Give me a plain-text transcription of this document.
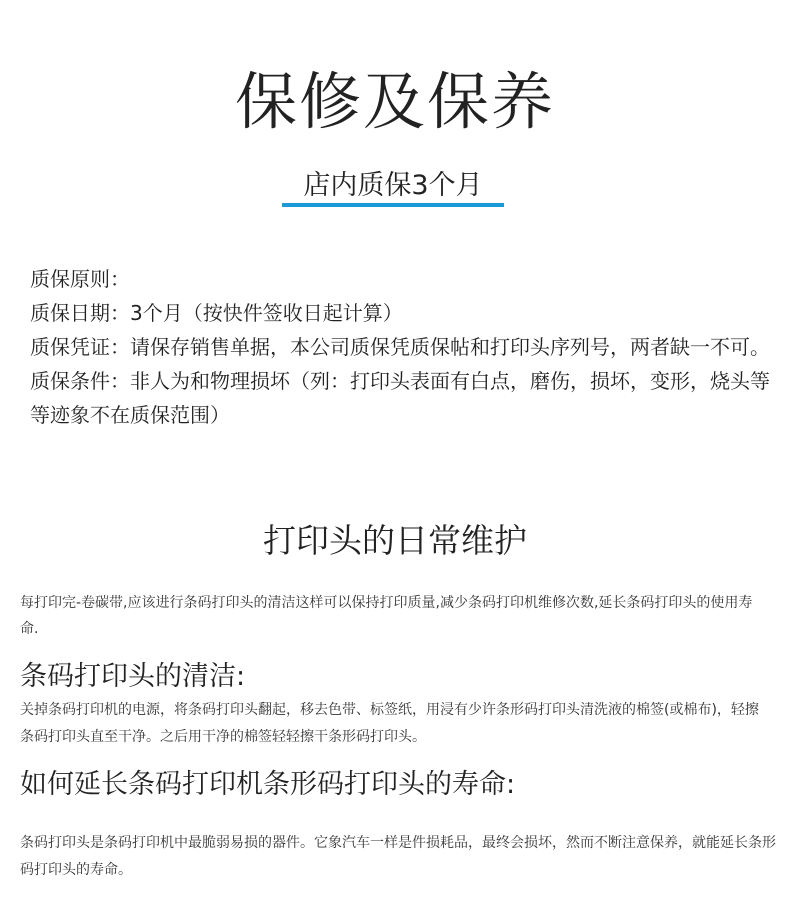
保修及保养
店内质保3个月

质保原则：

质保日期：3个月（按快件签收日起计算）

质保凭证：请保存销售单据，本公司质保凭质保帖和打印头序列号，两者缺一不可。

质保条件：非人为和物理损坏（列：打印头表面有白点，磨伤，损坏，变形，烧头等等迹象不在质保范围）

打印头的日常维护

每打印完-卷碳带,应该进行条码打印头的清洁这样可以保持打印质量,减少条码打印机维修次数,延长条码打印头的使用寿命.

条码打印头的清洁:

关掉条码打印机的电源，将条码打印头翻起，移去色带、标签纸，用浸有少许条形码打印头清洗液的棉签(或棉布)，轻擦条码打印头直至干净。之后用干净的棉签轻轻擦干条形码打印头。

如何延长条码打印机条形码打印头的寿命:

条码打印头是条码打印机中最脆弱易损的器件。它象汽车一样是件损耗品，最终会损坏，然而不断注意保养，就能延长条形码打印头的寿命。
